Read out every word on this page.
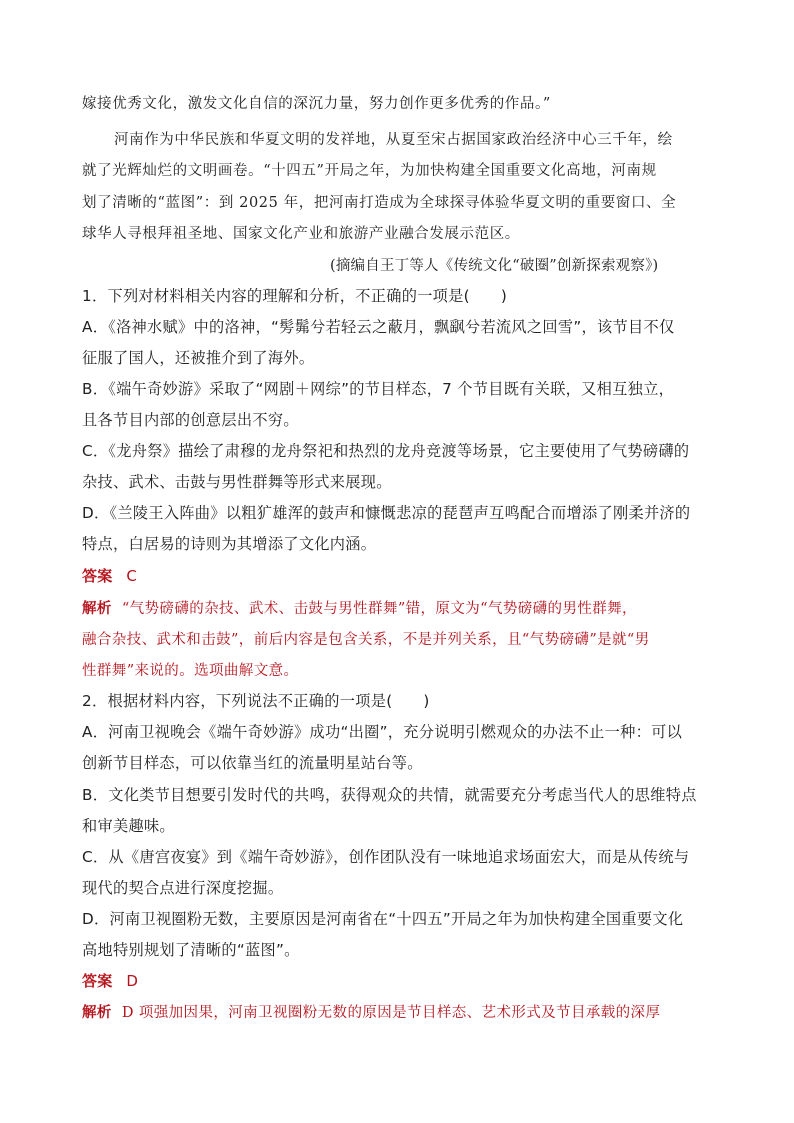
嫁接优秀文化，激发文化自信的深沉力量，努力创作更多优秀的作品。”
河南作为中华民族和华夏文明的发祥地，从夏至宋占据国家政治经济中心三千年，绘
就了光辉灿烂的文明画卷。“十四五”开局之年，为加快构建全国重要文化高地，河南规
划了清晰的“蓝图”：到 2025 年，把河南打造成为全球探寻体验华夏文明的重要窗口、全
球华人寻根拜祖圣地、国家文化产业和旅游产业融合发展示范区。
(摘编自王丁等人《传统文化“破圈”创新探索观察》)
1．下列对材料相关内容的理解和分析，不正确的一项是(　　)
A．《洛神水赋》中的洛神，“髣髴兮若轻云之蔽月，飘飖兮若流风之回雪”，该节目不仅
征服了国人，还被推介到了海外。
B．《端午奇妙游》采取了“网剧＋网综”的节目样态，7 个节目既有关联，又相互独立，
且各节目内部的创意层出不穷。
C．《龙舟祭》描绘了肃穆的龙舟祭祀和热烈的龙舟竞渡等场景，它主要使用了气势磅礴的
杂技、武术、击鼓与男性群舞等形式来展现。
D．《兰陵王入阵曲》以粗犷雄浑的鼓声和慷慨悲凉的琵琶声互鸣配合而增添了刚柔并济的
特点，白居易的诗则为其增添了文化内涵。
答案 C
解析 “气势磅礴的杂技、武术、击鼓与男性群舞”错，原文为“气势磅礴的男性群舞，
融合杂技、武术和击鼓”，前后内容是包含关系，不是并列关系，且“气势磅礴”是就“男
性群舞”来说的。选项曲解文意。
2．根据材料内容，下列说法不正确的一项是(　　)
A．河南卫视晚会《端午奇妙游》成功“出圈”，充分说明引燃观众的办法不止一种：可以
创新节目样态，可以依靠当红的流量明星站台等。
B．文化类节目想要引发时代的共鸣，获得观众的共情，就需要充分考虑当代人的思维特点
和审美趣味。
C．从《唐宫夜宴》到《端午奇妙游》，创作团队没有一味地追求场面宏大，而是从传统与
现代的契合点进行深度挖掘。
D．河南卫视圈粉无数，主要原因是河南省在“十四五”开局之年为加快构建全国重要文化
高地特别规划了清晰的“蓝图”。
答案 D
解析 D 项强加因果，河南卫视圈粉无数的原因是节目样态、艺术形式及节目承载的深厚
